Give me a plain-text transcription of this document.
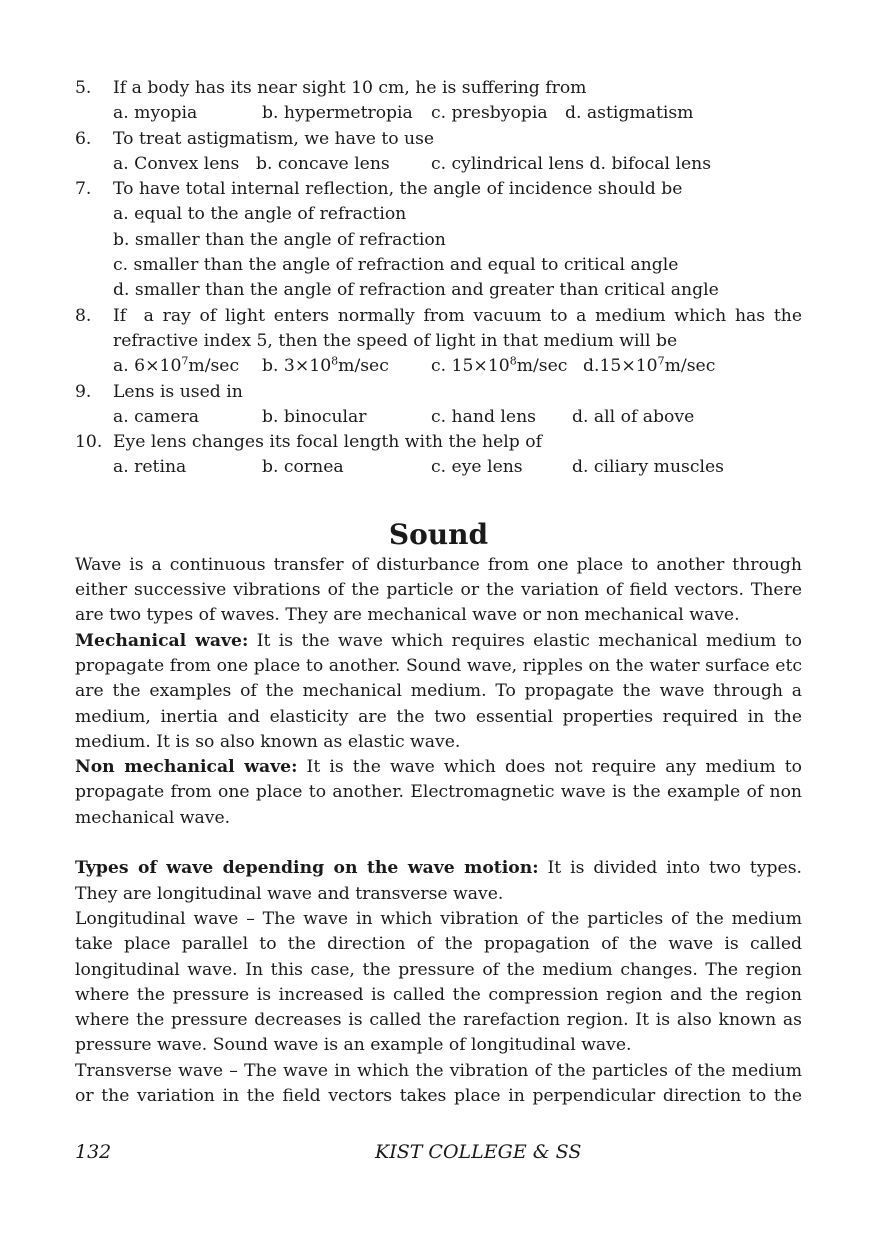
5.	If a body has its near sight 10 cm, he is suffering from
a. myopia	b. hypermetropia c. presbyopia d. astigmatism
6.	To treat astigmatism, we have to use
a. Convex lens b. concave lens c. cylindrical lens d. bifocal lens
7.	To have total internal reflection, the angle of incidence should be
a. equal to the angle of refraction
b. smaller than the angle of refraction
c. smaller than the angle of refraction and equal to critical angle
d. smaller than the angle of refraction and greater than critical angle
8.	If  a ray of light enters normally from vacuum to a medium which has the
refractive index 5, then the speed of light in that medium will be
a. $6\times 10^7m/\sec$ b. $3\times 10^8m/\sec$ c. $15\times 10^8m/\sec$ $d.15\times 10^7m/\sec$
9.	Lens is used in
a. camera	b. binocular	c. hand lens d. all of above
10. Eye lens changes its focal length with the help of
a. retina	b. cornea	c. eye lens	d. ciliary muscles
Sound

Wave is a continuous transfer of disturbance from one place to another through either successive vibrations of the particle or the variation of field vectors. There are two types of waves. They are mechanical wave or non mechanical wave.

Mechanical wave: It is the wave which requires elastic mechanical medium to propagate from one place to another. Sound wave, ripples on the water surface etc are the examples of the mechanical medium. To propagate the wave through a medium, inertia and elasticity are the two essential properties required in the medium. It is so also known as elastic wave.

Non mechanical wave: It is the wave which does not require any medium to propagate from one place to another. Electromagnetic wave is the example of non mechanical wave.

Types of wave depending on the wave motion: It is divided into two types. They are longitudinal wave and transverse wave.

Longitudinal wave – The wave in which vibration of the particles of the medium take place parallel to the direction of the propagation of the wave is called longitudinal wave. In this case, the pressure of the medium changes. The region where the pressure is increased is called the compression region and the region where the pressure decreases is called the rarefaction region. It is also known as pressure wave. Sound wave is an example of longitudinal wave.

Transverse wave – The wave in which the vibration of the particles of the medium or the variation in the field vectors takes place in perpendicular direction to the

132	KIST COLLEGE & SS
